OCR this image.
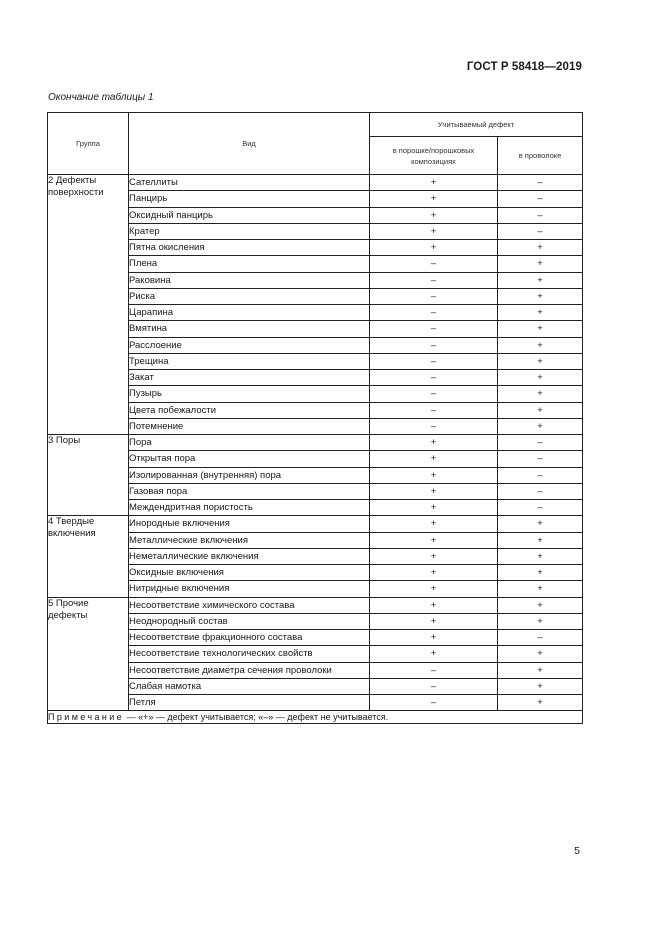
ГОСТ Р 58418—2019
Окончание таблицы 1
Группа	Вид	Учитываемый дефект	
		в порошке/порошковых композициях	в проволоке
2 Дефекты поверхности	Сателлиты	+	–
	Панцирь	+	–
	Оксидный панцирь	+	–
	Кратер	+	–
	Пятна окисления	+	+
	Плена	–	+
	Раковина	–	+
	Риска	–	+
	Царапина	–	+
	Вмятина	–	+
	Расслоение	–	+
	Трещина	–	+
	Закат	–	+
	Пузырь	–	+
	Цвета побежалости	–	+
	Потемнение	–	+
3 Поры	Пора	+	–
	Открытая пора	+	–
	Изолированная (внутренняя) пора	+	–
	Газовая пора	+	–
	Междендритная пористость	+	–
4 Твердые включения	Инородные включения	+	+
	Металлические включения	+	+
	Неметаллические включения	+	+
	Оксидные включения	+	+
	Нитридные включения	+	+
5 Прочие дефекты	Несоответствие химического состава	+	+
	Неоднородный состав	+	+
	Несоответствие фракционного состава	+	–
	Несоответствие технологических свойств	+	+
	Несоответствие диаметра сечения проволоки	–	+
	Слабая намотка	–	+
	Петля	–	+
Примечание — «+» — дефект учитывается; «–» — дефект не учитывается.			
5
